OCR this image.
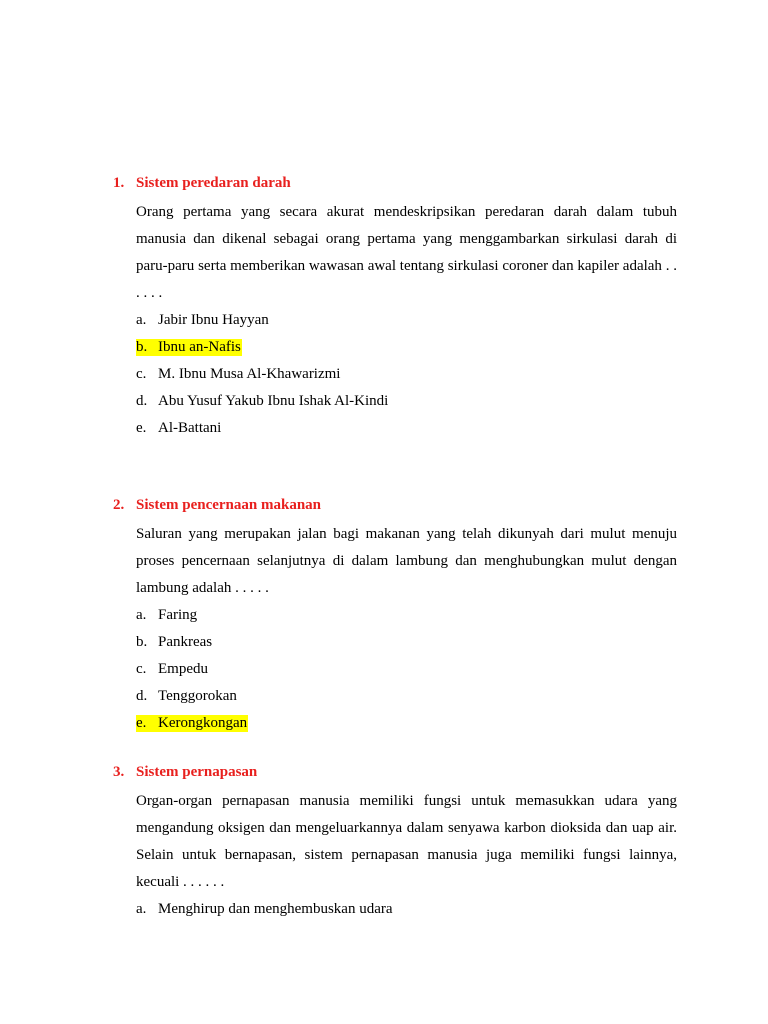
1. Sistem peredaran darah
Orang pertama yang secara akurat mendeskripsikan peredaran darah dalam tubuh manusia dan dikenal sebagai orang pertama yang menggambarkan sirkulasi darah di paru-paru serta memberikan wawasan awal tentang sirkulasi coroner dan kapiler adalah . . . . . .
a. Jabir Ibnu Hayyan
b. Ibnu an-Nafis
c. M. Ibnu Musa Al-Khawarizmi
d. Abu Yusuf Yakub Ibnu Ishak Al-Kindi
e. Al-Battani
2. Sistem pencernaan makanan
Saluran yang merupakan jalan bagi makanan yang telah dikunyah dari mulut menuju proses pencernaan selanjutnya di dalam lambung dan menghubungkan mulut dengan lambung adalah . . . . .
a. Faring
b. Pankreas
c. Empedu
d. Tenggorokan
e. Kerongkongan
3. Sistem pernapasan
Organ-organ pernapasan manusia memiliki fungsi untuk memasukkan udara yang mengandung oksigen dan mengeluarkannya dalam senyawa karbon dioksida dan uap air. Selain untuk bernapasan, sistem pernapasan manusia juga memiliki fungsi lainnya, kecuali . . . . . .
a. Menghirup dan menghembuskan udara
